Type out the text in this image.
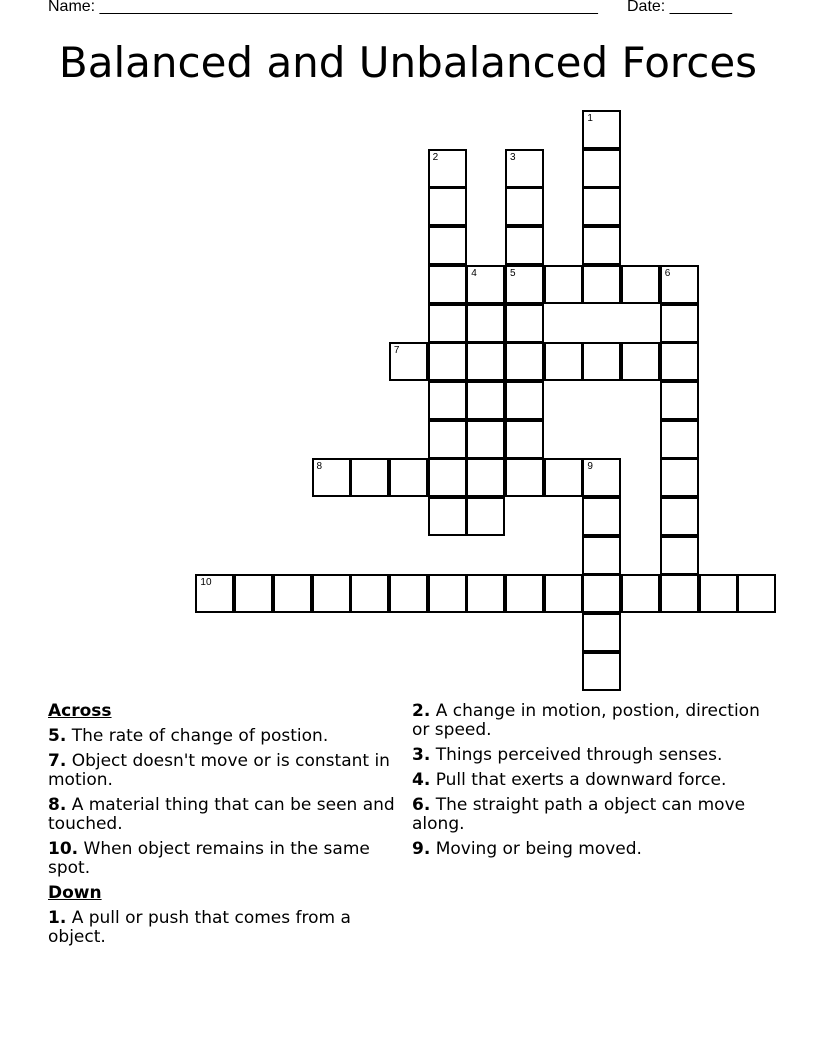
Name: ________________________________________________________ Date: _______
Balanced and Unbalanced Forces
1
2	3
5
4	6
7
8	9
10
Across
5. The rate of change of postion.
7. Object doesn't move or is constant in motion.
8. A material thing that can be seen and touched.
10. When object remains in the same spot.
Down
1. A pull or push that comes from a object.
2. A change in motion, postion, direction or speed.
3. Things perceived through senses.
4. Pull that exerts a downward force.
6. The straight path a object can move along.
9. Moving or being moved.
